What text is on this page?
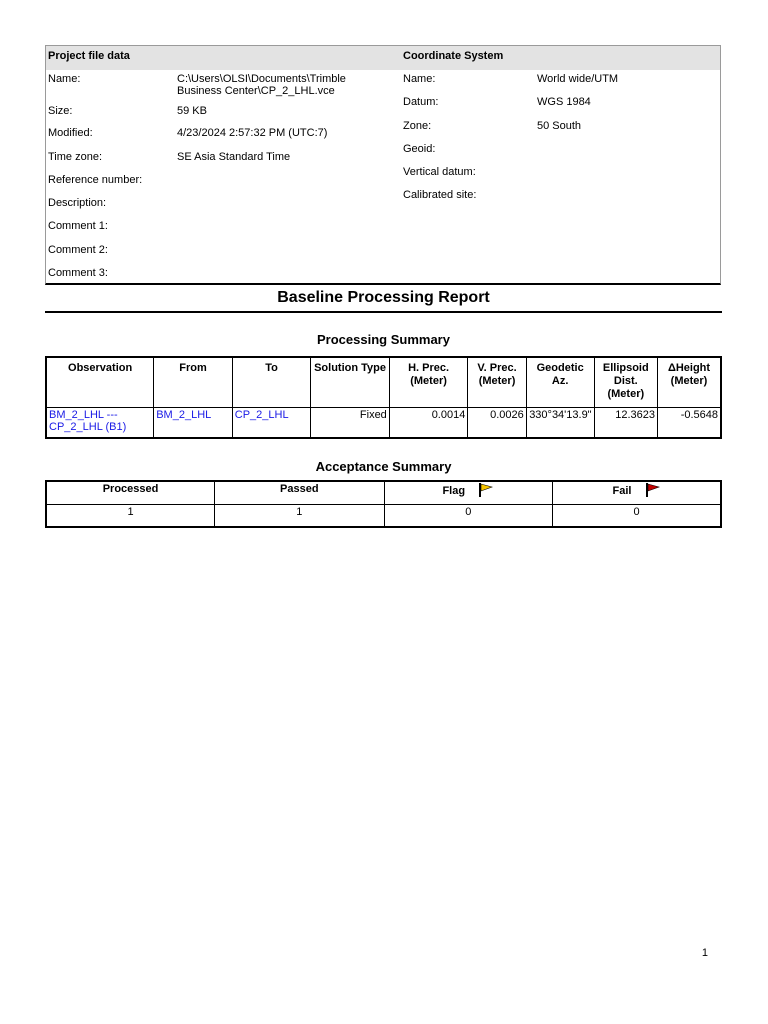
Project file data	Coordinate System
Name:	C:\Users\OLSI\Documents\Trimble Business Center\CP_2_LHL.vce
Size:	59 KB
Modified:	4/23/2024 2:57:32 PM (UTC:7)
Time zone:	SE Asia Standard Time
Reference number:
Description:
Comment 1:
Comment 2:
Comment 3:
Name:	World wide/UTM
Datum:	WGS 1984
Zone:	50 South
Geoid:
Vertical datum:
Calibrated site:
Baseline Processing Report
Processing Summary
Observation	From	To	Solution Type	H. Prec. (Meter)	V. Prec. (Meter)	Geodetic Az.	Ellipsoid Dist. (Meter)	ΔHeight (Meter)
BM_2_LHL --- CP_2_LHL (B1)	BM_2_LHL	CP_2_LHL	Fixed	0.0014	0.0026	330°34'13.9"	12.3623	-0.5648
Acceptance Summary
Processed	Passed	Flag	Fail
1	1	0	0
1
